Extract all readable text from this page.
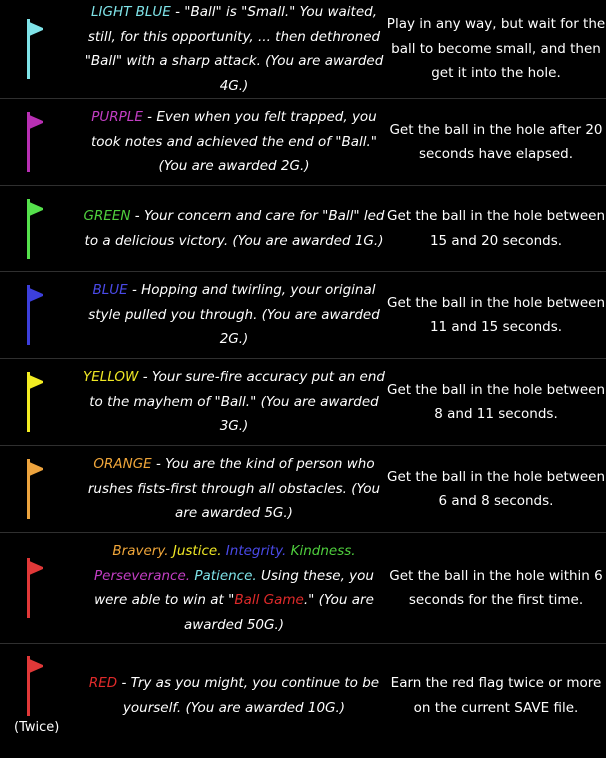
	LIGHT BLUE - "Ball" is "Small." You waited, still, for this opportunity, ... then dethroned "Ball" with a sharp attack. (You are awarded 4G.)	Play in any way, but wait for the ball to become small, and then get it into the hole.

	PURPLE - Even when you felt trapped, you took notes and achieved the end of "Ball." (You are awarded 2G.)	Get the ball in the hole after 20 seconds have elapsed.

	GREEN - Your concern and care for "Ball" led to a delicious victory. (You are awarded 1G.)	Get the ball in the hole between 15 and 20 seconds.

	BLUE - Hopping and twirling, your original style pulled you through. (You are awarded 2G.)	Get the ball in the hole between 11 and 15 seconds.

	YELLOW - Your sure-fire accuracy put an end to the mayhem of "Ball." (You are awarded 3G.)	Get the ball in the hole between 8 and 11 seconds.

	ORANGE - You are the kind of person who rushes fists-first through all obstacles. (You are awarded 5G.)	Get the ball in the hole between 6 and 8 seconds.

	Bravery. Justice. Integrity. Kindness. Perseverance. Patience. Using these, you were able to win at "Ball Game." (You are awarded 50G.)	Get the ball in the hole within 6 seconds for the first time.

(Twice)	RED - Try as you might, you continue to be yourself. (You are awarded 10G.)	Earn the red flag twice or more on the current SAVE file.
